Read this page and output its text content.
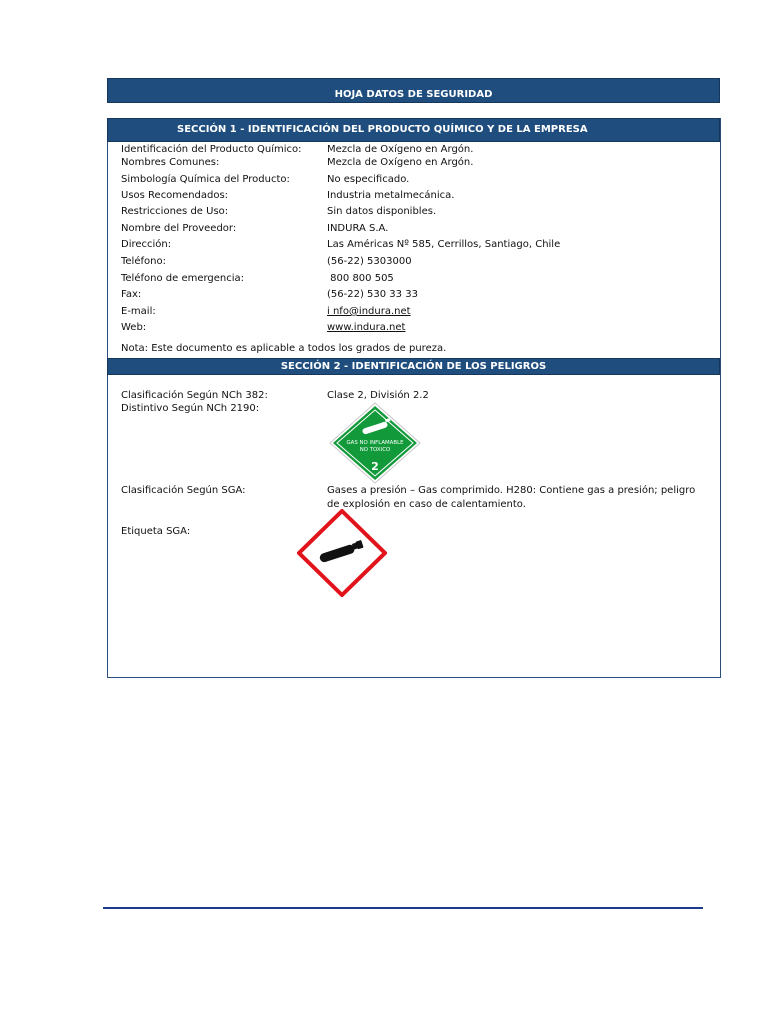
HOJA DATOS DE SEGURIDAD
SECCIÓN 1 - IDENTIFICACIÓN DEL PRODUCTO QUÍMICO Y DE LA EMPRESA
Identificación del Producto Químico:	Mezcla de Oxígeno en Argón.
Nombres Comunes:	Mezcla de Oxígeno en Argón.
Simbología Química del Producto:	No especificado.
Usos Recomendados:	Industria metalmecánica.
Restricciones de Uso:	Sin datos disponibles.
Nombre del Proveedor:	INDURA S.A.
Dirección:	Las Américas Nº 585, Cerrillos, Santiago, Chile
Teléfono:	(56-22) 5303000
Teléfono de emergencia:	800 800 505
Fax:	(56-22) 530 33 33
E-mail:	i nfo@indura.net
Web:	www.indura.net
Nota: Este documento es aplicable a todos los grados de pureza.
SECCIÓN 2 - IDENTIFICACIÓN DE LOS PELIGROS
Clasificación Según NCh 382:	Clase 2, División 2.2
Distintivo Según NCh 2190:
GAS NO INFLAMABLE
NO TOXICO
2
Clasificación Según SGA:	Gases a presión – Gas comprimido. H280: Contiene gas a presión; peligro de explosión en caso de calentamiento.
Etiqueta SGA:
